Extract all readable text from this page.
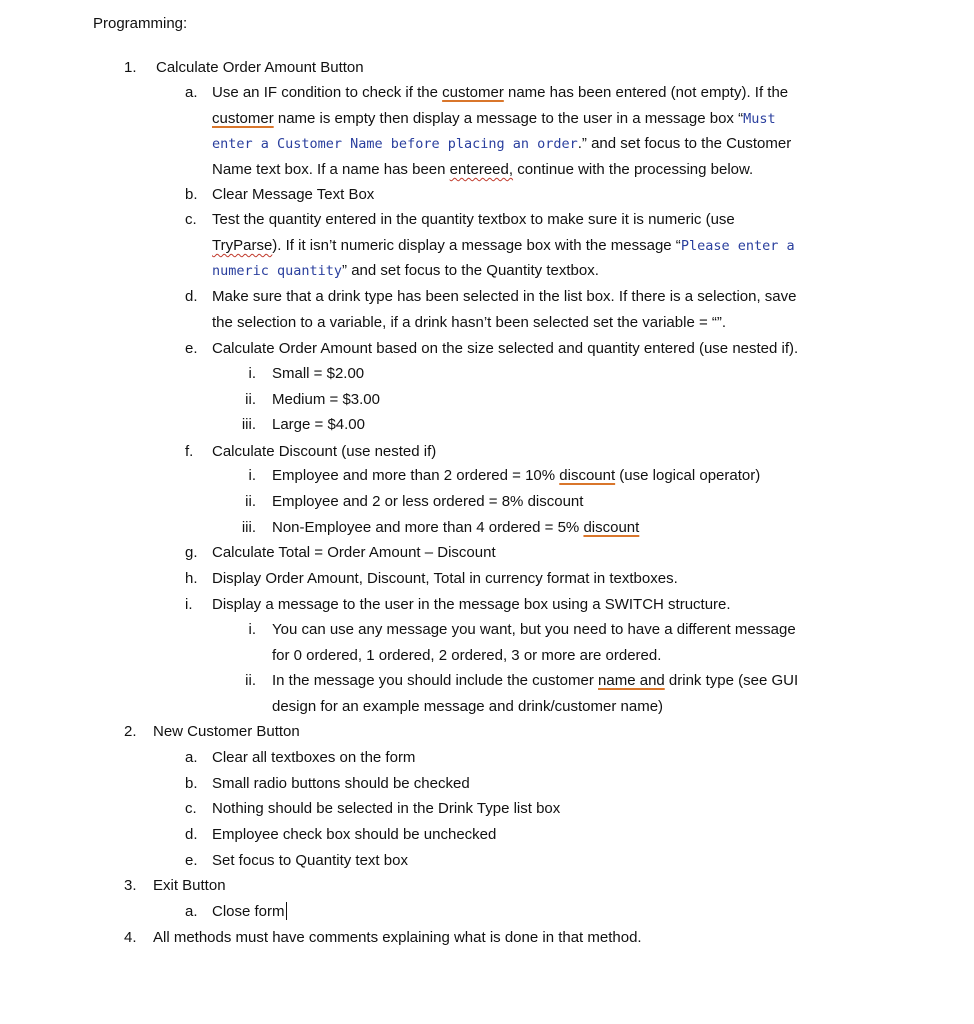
Programming:
1. Calculate Order Amount Button
a. Use an IF condition to check if the customer name has been entered (not empty). If the
customer name is empty then display a message to the user in a message box “Must
enter a Customer Name before placing an order.” and set focus to the Customer
Name text box. If a name has been entereed, continue with the processing below.
b. Clear Message Text Box
c. Test the quantity entered in the quantity textbox to make sure it is numeric (use
TryParse). If it isn’t numeric display a message box with the message “Please enter a
numeric quantity” and set focus to the Quantity textbox.
d. Make sure that a drink type has been selected in the list box. If there is a selection, save
the selection to a variable, if a drink hasn’t been selected set the variable = “”.
e. Calculate Order Amount based on the size selected and quantity entered (use nested if).
i. Small = $2.00
ii. Medium = $3.00
iii. Large = $4.00
f. Calculate Discount (use nested if)
i. Employee and more than 2 ordered = 10% discount (use logical operator)
ii. Employee and 2 or less ordered = 8% discount
iii. Non-Employee and more than 4 ordered = 5% discount
g. Calculate Total = Order Amount – Discount
h. Display Order Amount, Discount, Total in currency format in textboxes.
i. Display a message to the user in the message box using a SWITCH structure.
i. You can use any message you want, but you need to have a different message
for 0 ordered, 1 ordered, 2 ordered, 3 or more are ordered.
ii. In the message you should include the customer name and drink type (see GUI
design for an example message and drink/customer name)
2. New Customer Button
a. Clear all textboxes on the form
b. Small radio buttons should be checked
c. Nothing should be selected in the Drink Type list box
d. Employee check box should be unchecked
e. Set focus to Quantity text box
3. Exit Button
a. Close form
4. All methods must have comments explaining what is done in that method.
